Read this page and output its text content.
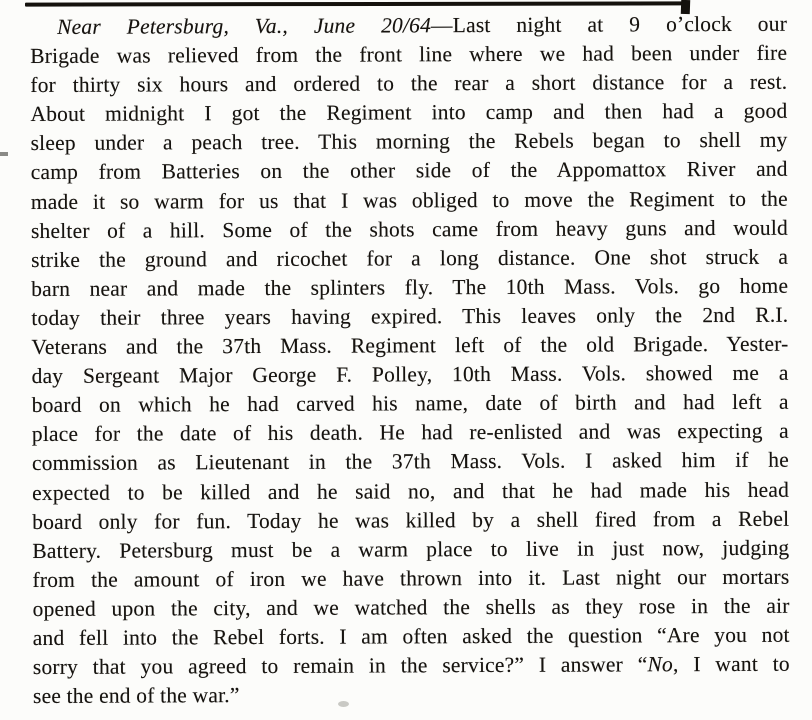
Near Petersburg, Va., June 20/64—Last night at 9 o’clock our

Brigade was relieved from the front line where we had been under fire

for thirty six hours and ordered to the rear a short distance for a rest.

About midnight I got the Regiment into camp and then had a good

sleep under a peach tree. This morning the Rebels began to shell my

camp from Batteries on the other side of the Appomattox River and

made it so warm for us that I was obliged to move the Regiment to the

shelter of a hill. Some of the shots came from heavy guns and would

strike the ground and ricochet for a long distance. One shot struck a

barn near and made the splinters fly. The 10th Mass. Vols. go home

today their three years having expired. This leaves only the 2nd R.I.

Veterans and the 37th Mass. Regiment left of the old Brigade. Yester-

day Sergeant Major George F. Polley, 10th Mass. Vols. showed me a

board on which he had carved his name, date of birth and had left a

place for the date of his death. He had re-enlisted and was expecting a

commission as Lieutenant in the 37th Mass. Vols. I asked him if he

expected to be killed and he said no, and that he had made his head

board only for fun. Today he was killed by a shell fired from a Rebel

Battery. Petersburg must be a warm place to live in just now, judging

from the amount of iron we have thrown into it. Last night our mortars

opened upon the city, and we watched the shells as they rose in the air

and fell into the Rebel forts. I am often asked the question “Are you not

sorry that you agreed to remain in the service?” I answer “No, I want to

see the end of the war.”
